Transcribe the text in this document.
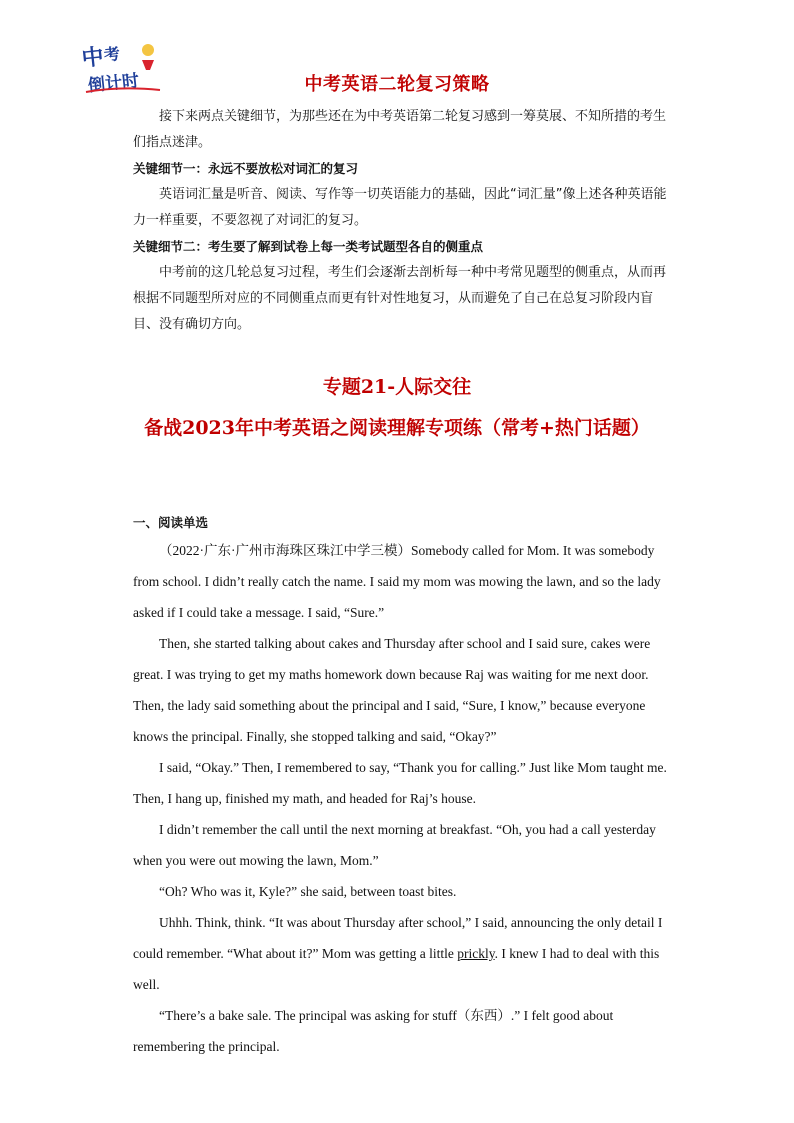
中
考
倒计时	中考英语二轮复习策略

接下来两点关键细节，为那些还在为中考英语第二轮复习感到一筹莫展、不知所措的考生们指点迷津。

关键细节一：永远不要放松对词汇的复习

英语词汇量是听音、阅读、写作等一切英语能力的基础，因此“词汇量”像上述各种英语能力一样重要，不要忽视了对词汇的复习。

关键细节二：考生要了解到试卷上每一类考试题型各自的侧重点

中考前的这几轮总复习过程，考生们会逐渐去剖析每一种中考常见题型的侧重点，从而再根据不同题型所对应的不同侧重点而更有针对性地复习，从而避免了自己在总复习阶段内盲目、没有确切方向。

专题21-人际交往
备战2023年中考英语之阅读理解专项练（常考+热门话题）
一、阅读单选

（2022·广东·广州市海珠区珠江中学三模）Somebody called for Mom. It was somebody from school. I didn’t really catch the name. I said my mom was mowing the lawn, and so the lady asked if I could take a message. I said, “Sure.”

Then, she started talking about cakes and Thursday after school and I said sure, cakes were great. I was trying to get my maths homework down because Raj was waiting for me next door. Then, the lady said something about the principal and I said, “Sure, I know,” because everyone knows the principal. Finally, she stopped talking and said, “Okay?”

I said, “Okay.” Then, I remembered to say, “Thank you for calling.” Just like Mom taught me. Then, I hang up, finished my math, and headed for Raj’s house.

I didn’t remember the call until the next morning at breakfast. “Oh, you had a call yesterday when you were out mowing the lawn, Mom.”

“Oh? Who was it, Kyle?” she said, between toast bites.

Uhhh. Think, think. “It was about Thursday after school,” I said, announcing the only detail I could remember. “What about it?” Mom was getting a little prickly. I knew I had to deal with this well.

“There’s a bake sale. The principal was asking for stuff（东西）.” I felt good about remembering the principal.
